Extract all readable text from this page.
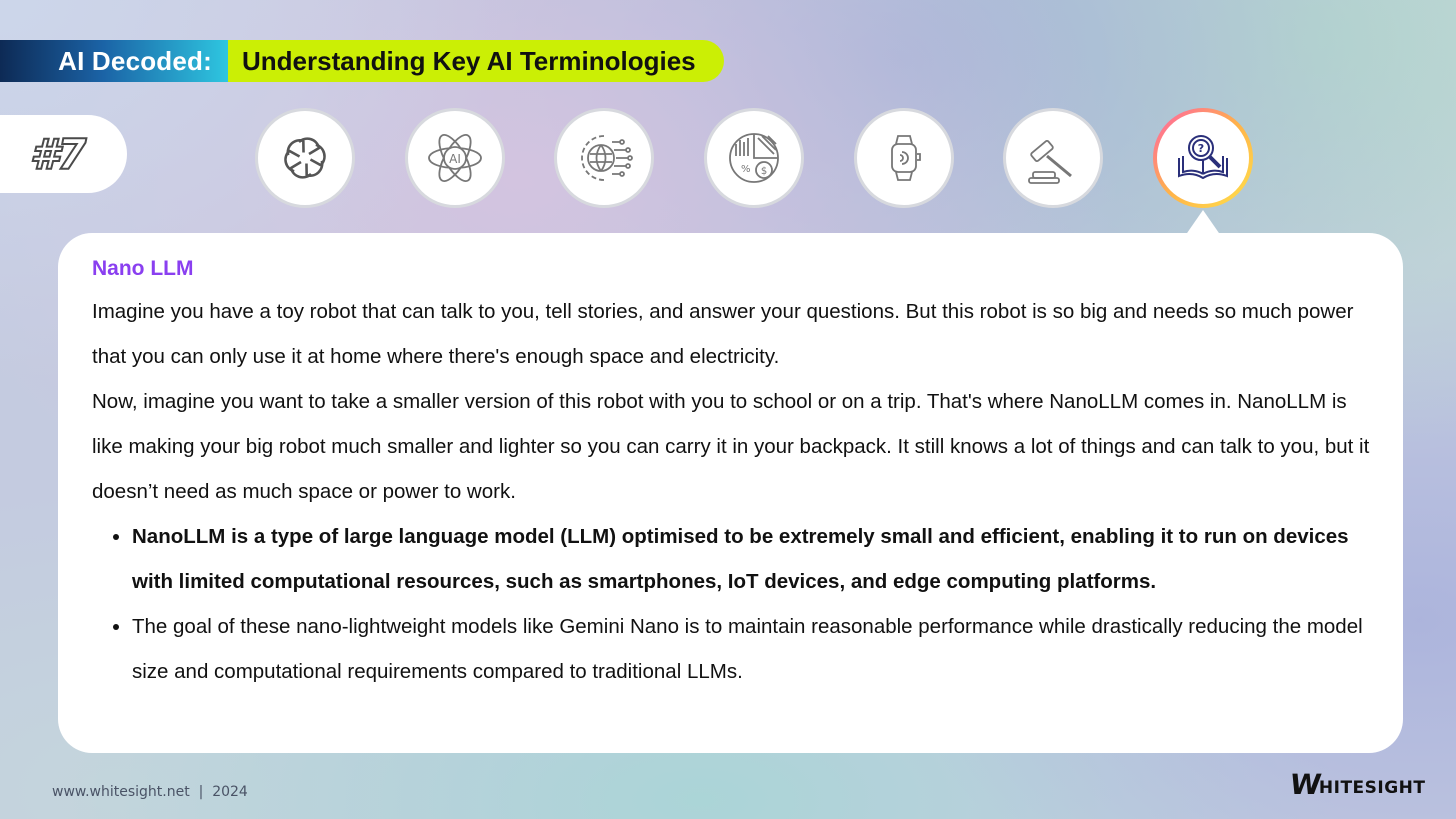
AI Decoded:	Understanding Key AI Terminologies
#7	AI
% $
?

Nano LLM

Imagine you have a toy robot that can talk to you, tell stories, and answer your questions. But this robot is so big and needs so much power that you can only use it at home where there's enough space and electricity.

Now, imagine you want to take a smaller version of this robot with you to school or on a trip. That's where NanoLLM comes in. NanoLLM is like making your big robot much smaller and lighter so you can carry it in your backpack. It still knows a lot of things and can talk to you, but it doesn’t need as much space or power to work.

• NanoLLM is a type of large language model (LLM) optimised to be extremely small and efficient, enabling it to run on devices with limited computational resources, such as smartphones, IoT devices, and edge computing platforms.
• The goal of these nano-lightweight models like Gemini Nano is to maintain reasonable performance while drastically reducing the model size and computational requirements compared to traditional LLMs.
www.whitesight.net  |  2024	W
HITESIGHT
